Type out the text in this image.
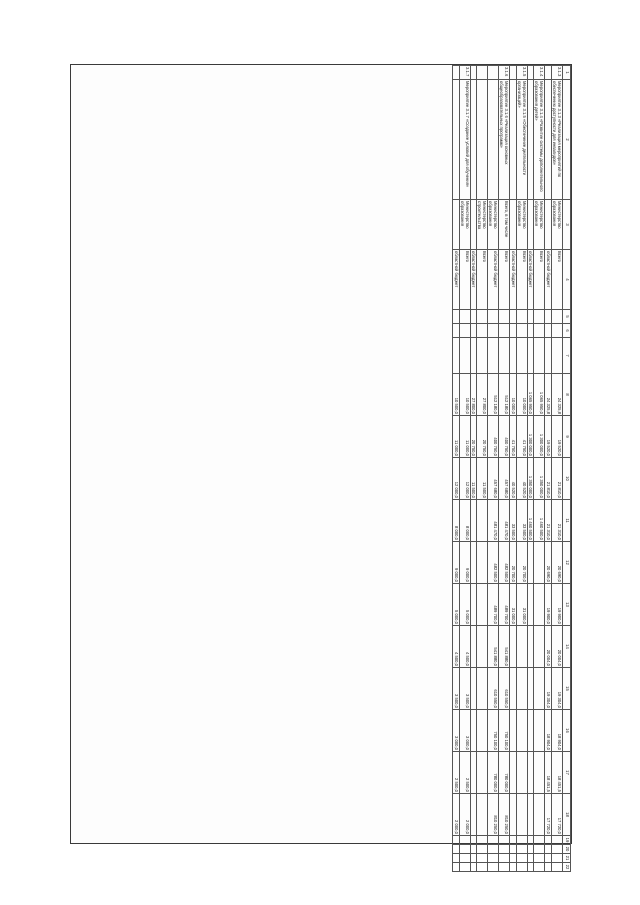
1	2	3	4	5	6	7	8	9	10	11	12	13	14	15	16	17	18	19	20	21	22
3.1.3	Мероприятие 3.1.3 «Реализация мероприятий по обеспечению доступности для инвалидов»	Министерство образования	Всего				24 325,8	19 520,0	21 810,0	21 310,0	20 690,0	19 900,0	20 004,0	19 304,0	18 904,0	18 451,5	17 720,0				
			областной бюджет				24 325,8	19 520,0	21 810,0	21 310,0	20 690,0	19 900,0	20 004,0	19 304,0	18 904,0	18 451,5	17 720,0				
3.1.4	Мероприятие 3.1.4 «Развитие системы дополнительного образования детей»	Министерство образования	Всего				1 065 950,0	1 300 000,0	1 350 000,0	1 460 500,0											
			областной бюджет				1 065 950,0	1 300 000,0	1 350 000,0	1 460 500,0											
3.1.5	Мероприятие 3.1.5 «Обеспечение деятельности организаций»	Министерство образования	Всего				10 000,0	41 750,0	40 520,0	33 500,0	20 700,0	31 000,0									
			областной бюджет				10 000,0	41 750,0	40 520,0	33 500,0	20 700,0	31 000,0									
3.1.6	Мероприятие 3.1.6 «Реализация основных общеобразовательных программ»	Всего, в том числе	Всего				512 180,0	400 750,0	457 680,0	481 470,0	482 500,0	489 700,0	541 880,0	610 550,0	750 100,0	780 000,0	810 250,0				
		Министерство образования	областной бюджет				512 180,0	400 750,0	457 680,0	481 470,0	482 500,0	489 700,0	541 880,0	610 550,0	750 100,0	780 000,0	810 250,0				
		Министерство строительства	Всего				27 800,0	20 750,0	11 500,0												
			областной бюджет				27 800,0	20 750,0	11 500,0												
3.1.7	Мероприятие 3.1.7 «Создание условий для обучения»	Министерство образования	Всего				10 500,0	11 000,0	12 000,0	8 000,0	9 000,0	5 000,0	4 500,0	3 500,0	3 000,0	2 500,0	2 000,0				
			областной бюджет				10 500,0	11 000,0	12 000,0	8 000,0	9 000,0	5 000,0	4 500,0	3 500,0	3 000,0	2 500,0	2 000,0				
